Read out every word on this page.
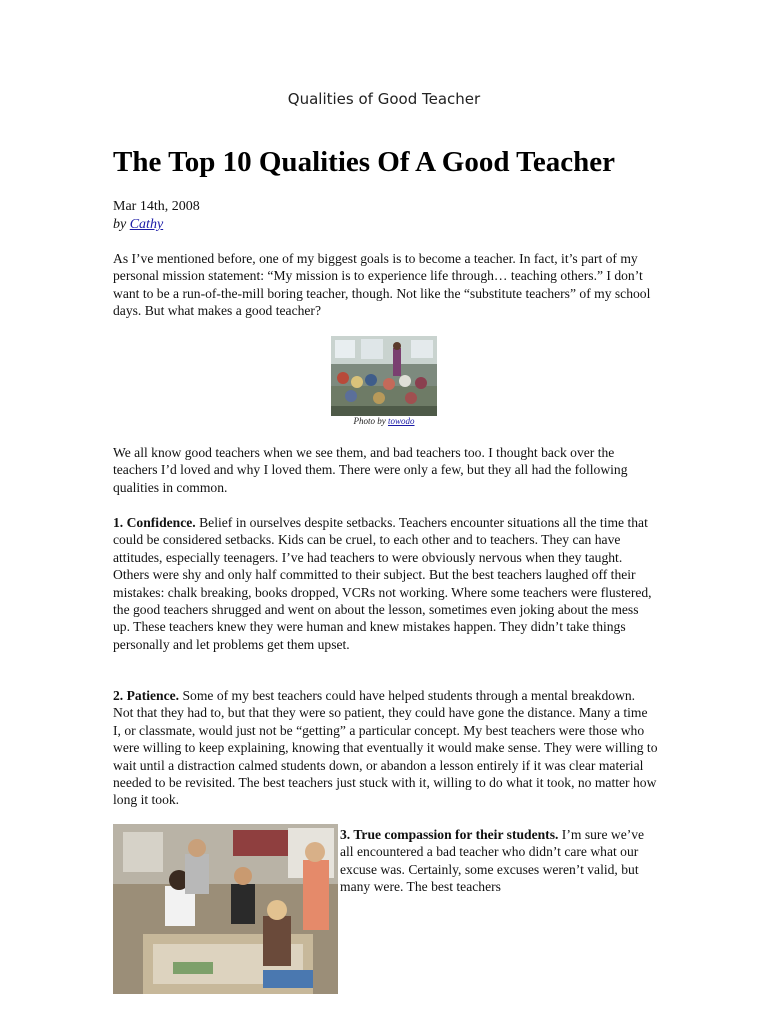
Qualities of Good Teacher
The Top 10 Qualities Of A Good Teacher
Mar 14th, 2008
by Cathy

As I’ve mentioned before, one of my biggest goals is to become a teacher. In fact, it’s part of my personal mission statement: “My mission is to experience life through… teaching others.” I don’t want to be a run-of-the-mill boring teacher, though. Not like the “substitute teachers” of my school days. But what makes a good teacher?

Photo by towodo

We all know good teachers when we see them, and bad teachers too. I thought back over the teachers I’d loved and why I loved them. There were only a few, but they all had the following qualities in common.

1. Confidence. Belief in ourselves despite setbacks. Teachers encounter situations all the time that could be considered setbacks. Kids can be cruel, to each other and to teachers. They can have attitudes, especially teenagers. I’ve had teachers to were obviously nervous when they taught. Others were shy and only half committed to their subject. But the best teachers laughed off their mistakes: chalk breaking, books dropped, VCRs not working. Where some teachers were flustered, the good teachers shrugged and went on about the lesson, sometimes even joking about the mess up. These teachers knew they were human and knew mistakes happen. They didn’t take things personally and let problems get them upset.

2. Patience. Some of my best teachers could have helped students through a mental breakdown. Not that they had to, but that they were so patient, they could have gone the distance. Many a time I, or classmate, would just not be “getting” a particular concept. My best teachers were those who were willing to keep explaining, knowing that eventually it would make sense. They were willing to wait until a distraction calmed students down, or abandon a lesson entirely if it was clear material needed to be revisited. The best teachers just stuck with it, willing to do what it took, no matter how long it took.

3. True compassion for their students. I’m sure we’ve all encountered a bad teacher who didn’t care what our excuse was. Certainly, some excuses weren’t valid, but many were. The best teachers
